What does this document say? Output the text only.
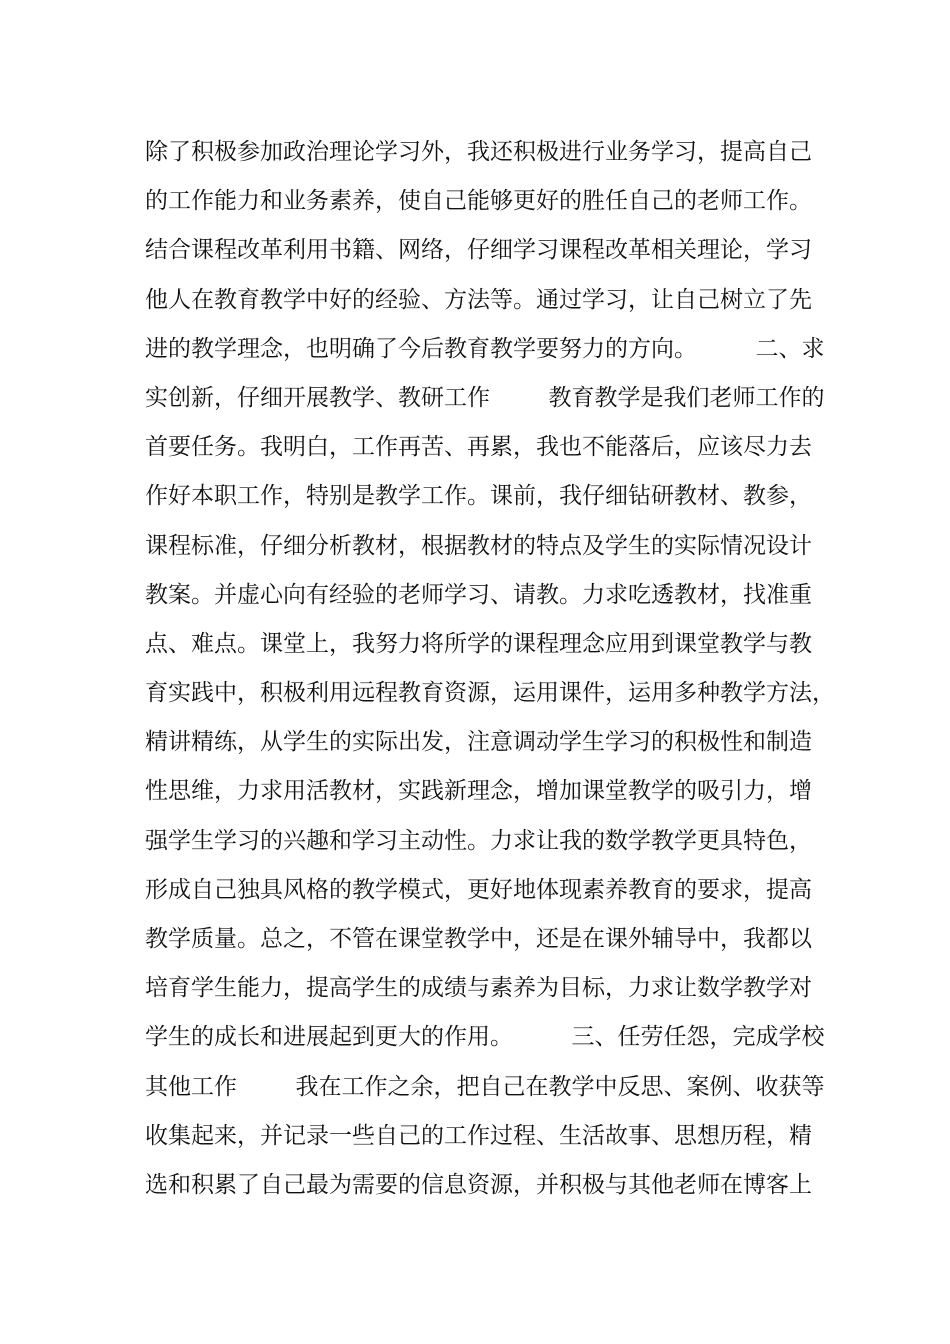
除了积极参加政治理论学习外，我还积极进行业务学习，提高自己
的工作能力和业务素养，使自己能够更好的胜任自己的老师工作。
结合课程改革利用书籍、网络，仔细学习课程改革相关理论，学习
他人在教育教学中好的经验、方法等。通过学习，让自己树立了先
进的教学理念，也明确了今后教育教学要努力的方向。        二、求
实创新，仔细开展教学、教研工作        教育教学是我们老师工作的
首要任务。我明白，工作再苦、再累，我也不能落后，应该尽力去
作好本职工作，特别是教学工作。课前，我仔细钻研教材、教参，
课程标准，仔细分析教材，根据教材的特点及学生的实际情况设计
教案。并虚心向有经验的老师学习、请教。力求吃透教材，找准重
点、难点。课堂上，我努力将所学的课程理念应用到课堂教学与教
育实践中，积极利用远程教育资源，运用课件，运用多种教学方法，
精讲精练，从学生的实际出发，注意调动学生学习的积极性和制造
性思维，力求用活教材，实践新理念，增加课堂教学的吸引力，增
强学生学习的兴趣和学习主动性。力求让我的数学教学更具特色，
形成自己独具风格的教学模式，更好地体现素养教育的要求，提高
教学质量。总之，不管在课堂教学中，还是在课外辅导中，我都以
培育学生能力，提高学生的成绩与素养为目标，力求让数学教学对
学生的成长和进展起到更大的作用。        三、任劳任怨，完成学校
其他工作        我在工作之余，把自己在教学中反思、案例、收获等
收集起来，并记录一些自己的工作过程、生活故事、思想历程，精
选和积累了自己最为需要的信息资源，并积极与其他老师在博客上
